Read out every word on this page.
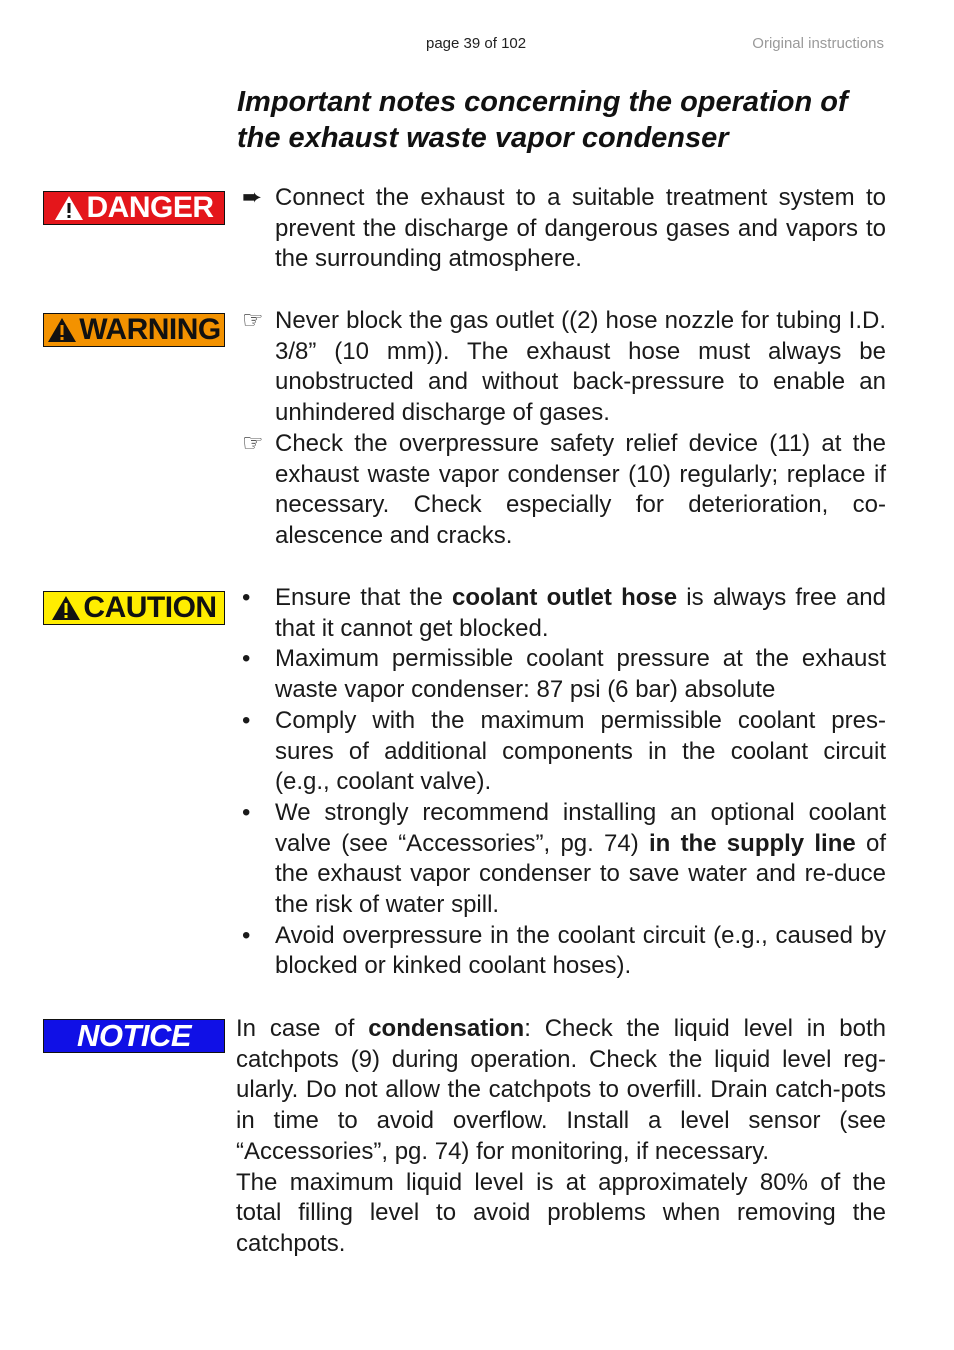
page 39 of 102	Original instructions
Important notes concerning the operation of the exhaust waste vapor condenser
DANGER ➨ Connect the exhaust to a suitable treatment system to prevent the discharge of dangerous gases and vapors to the surrounding atmosphere.
WARNING ☞ Never block the gas outlet ((2) hose nozzle for tubing I.D. 3/8” (10 mm)). The exhaust hose must always be unobstructed and without back-pressure to enable an unhindered discharge of gases.
☞ Check the overpressure safety relief device (11) at the exhaust waste vapor condenser (10) regularly; replace if necessary. Check especially for deterioration, co-alescence and cracks.
CAUTION •	Ensure that the coolant outlet hose is always free and that it cannot get blocked.
•	Maximum permissible coolant pressure at the exhaust waste vapor condenser: 87 psi (6 bar) absolute
•	Comply with the maximum permissible coolant pres-sures of additional components in the coolant circuit (e.g., coolant valve).
•	We strongly recommend installing an optional coolant valve (see “Accessories”, pg. 74) in the supply line of the exhaust vapor condenser to save water and re-duce the risk of water spill.
•	Avoid overpressure in the coolant circuit (e.g., caused by blocked or kinked coolant hoses).
NOTICE In case of condensation: Check the liquid level in both catchpots (9) during operation. Check the liquid level reg-ularly. Do not allow the catchpots to overfill. Drain catch-pots in time to avoid overflow. Install a level sensor (see “Accessories”, pg. 74) for monitoring, if necessary.

The maximum liquid level is at approximately 80% of the total filling level to avoid problems when removing the catchpots.
